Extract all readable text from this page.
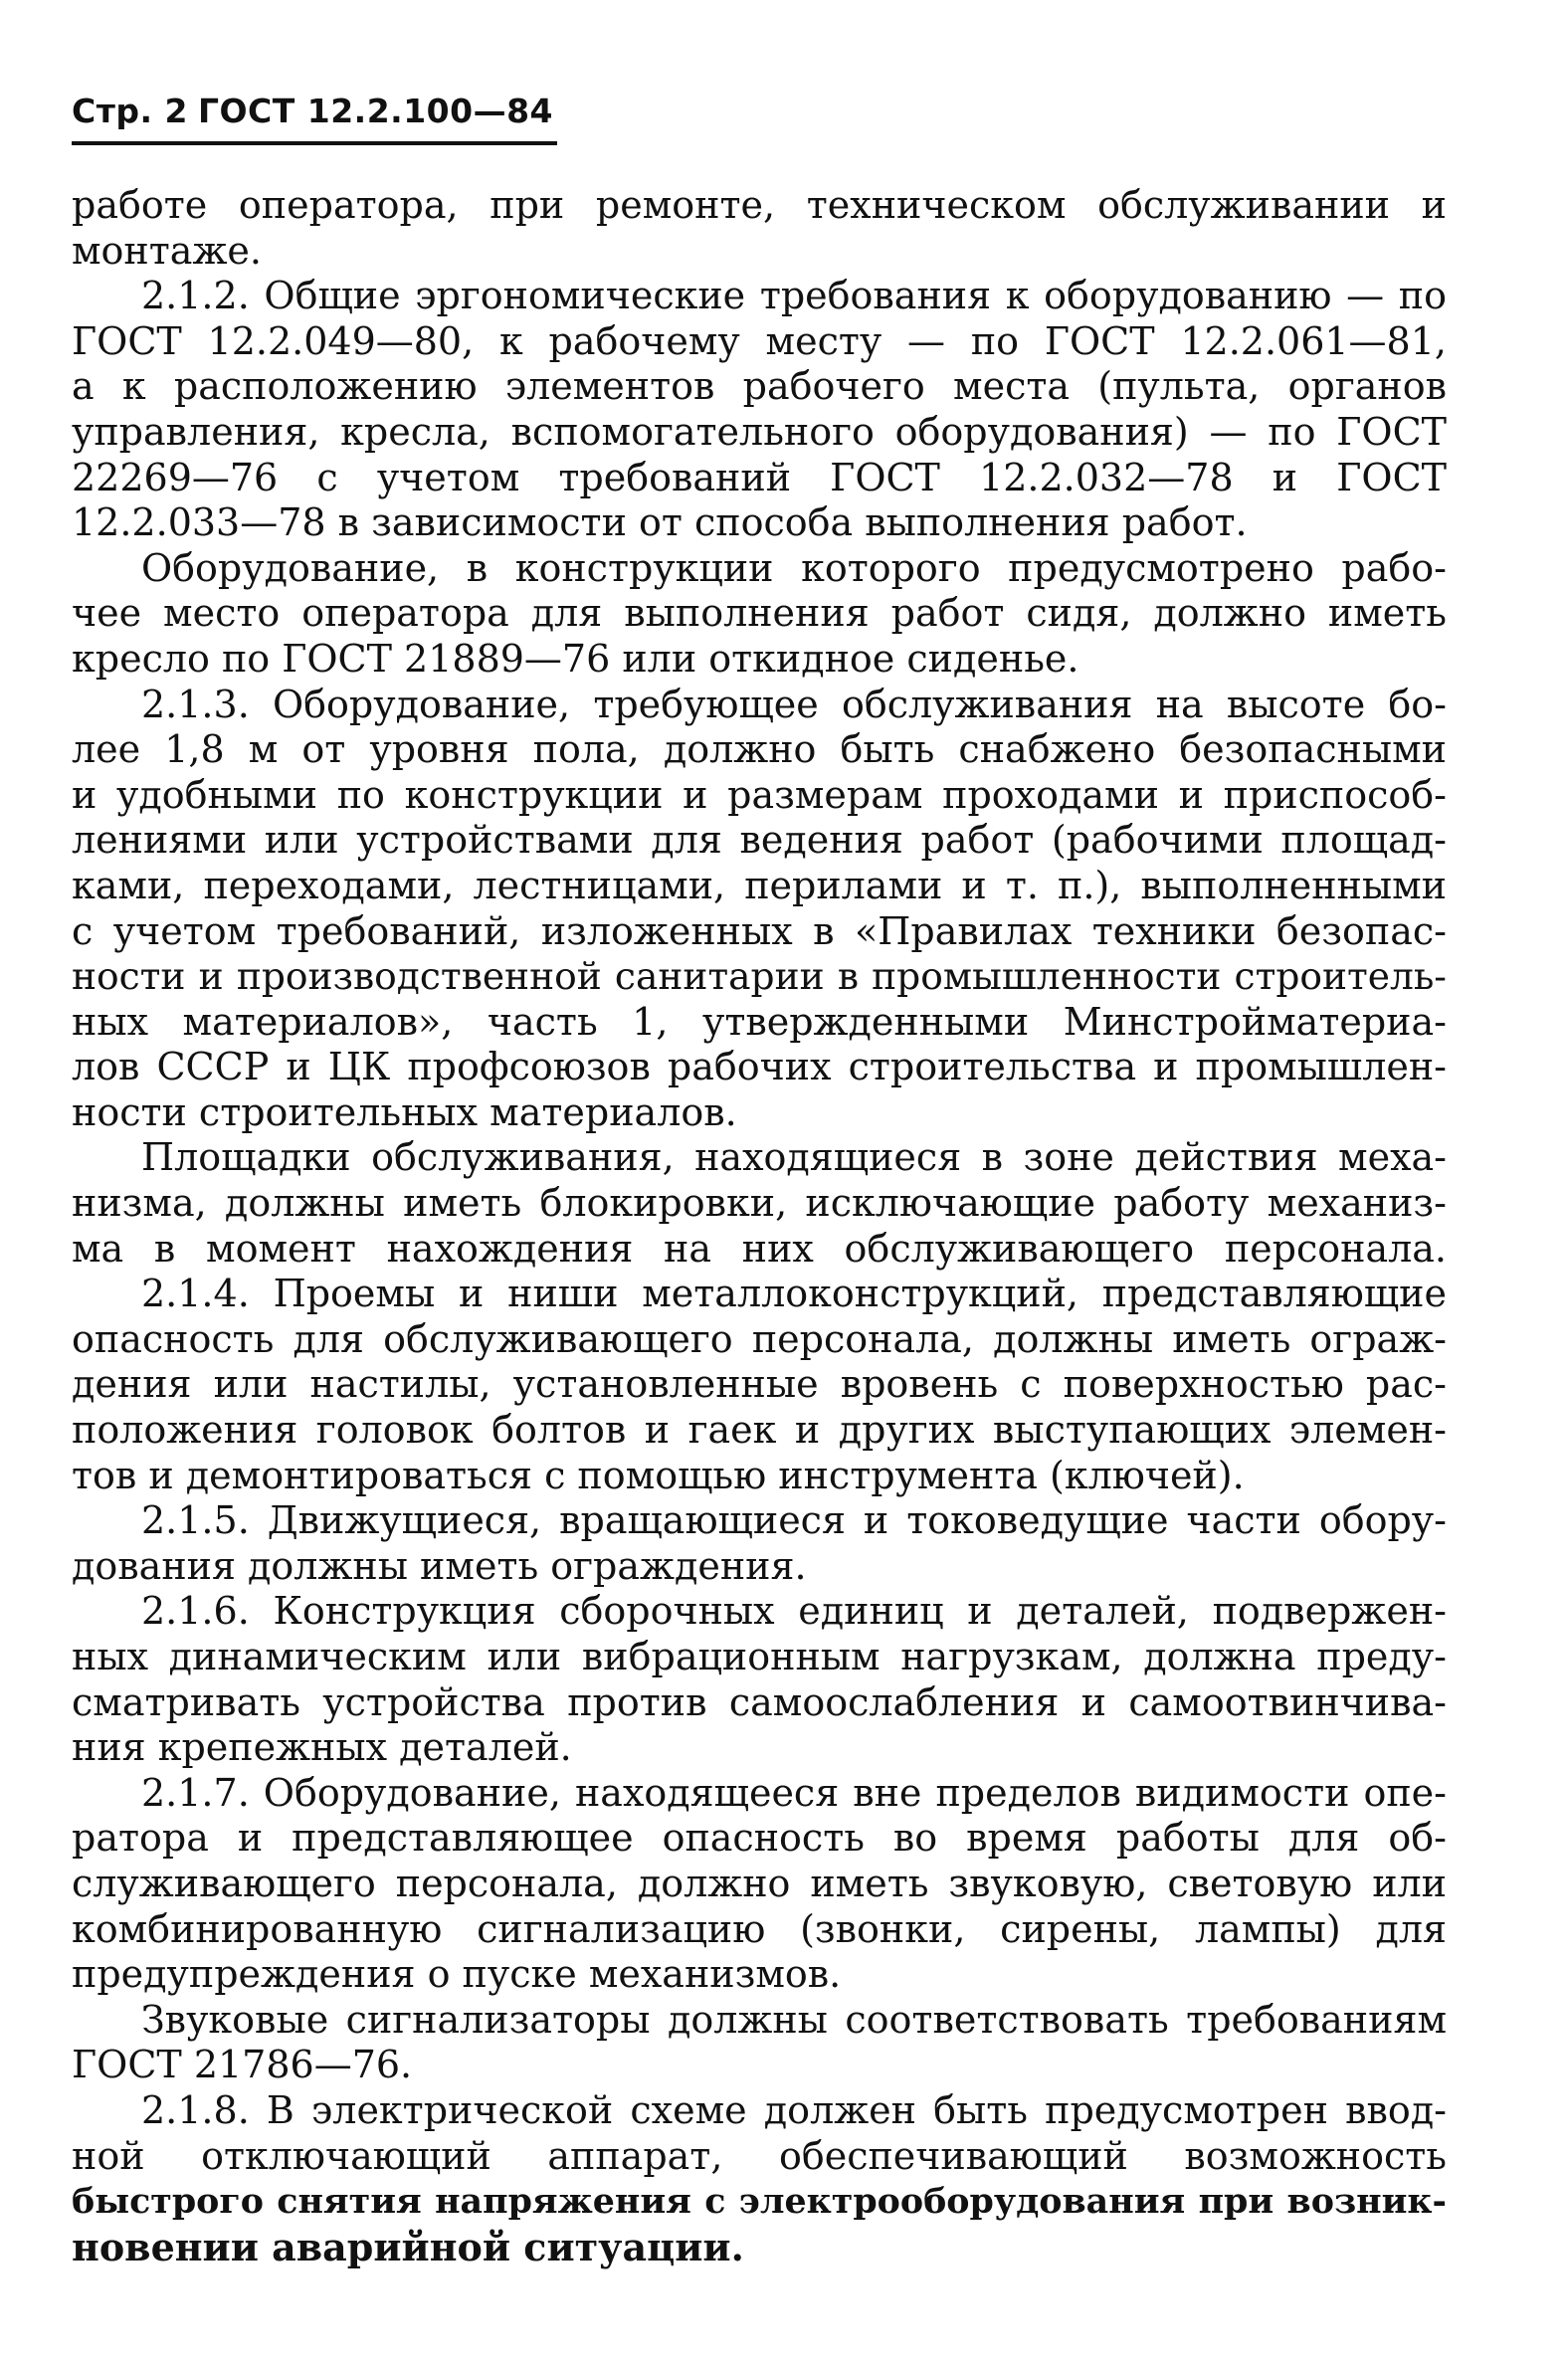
Стр. 2 ГОСТ 12.2.100—84
работе оператора, при ремонте, техническом обслуживании и
монтаже.
2.1.2. Общие эргономические требования к оборудованию — по
ГОСТ 12.2.049—80, к рабочему месту — по ГОСТ 12.2.061—81,
а к расположению элементов рабочего места (пульта, органов
управления, кресла, вспомогательного оборудования) — по ГОСТ
22269—76 с учетом требований ГОСТ 12.2.032—78 и ГОСТ
12.2.033—78 в зависимости от способа выполнения работ.
Оборудование, в конструкции которого предусмотрено рабо-
чее место оператора для выполнения работ сидя, должно иметь
кресло по ГОСТ 21889—76 или откидное сиденье.
2.1.3. Оборудование, требующее обслуживания на высоте бо-
лее 1,8 м от уровня пола, должно быть снабжено безопасными
и удобными по конструкции и размерам проходами и приспособ-
лениями или устройствами для ведения работ (рабочими площад-
ками, переходами, лестницами, перилами и т. п.), выполненными
с учетом требований, изложенных в «Правилах техники безопас-
ности и производственной санитарии в промышленности строитель-
ных материалов», часть 1, утвержденными Минстройматериа-
лов СССР и ЦК профсоюзов рабочих строительства и промышлен-
ности строительных материалов.
Площадки обслуживания, находящиеся в зоне действия меха-
низма, должны иметь блокировки, исключающие работу механиз-
ма в момент нахождения на них обслуживающего персонала.
2.1.4. Проемы и ниши металлоконструкций, представляющие
опасность для обслуживающего персонала, должны иметь ограж-
дения или настилы, установленные вровень с поверхностью рас-
положения головок болтов и гаек и других выступающих элемен-
тов и демонтироваться с помощью инструмента (ключей).
2.1.5. Движущиеся, вращающиеся и токоведущие части обору-
дования должны иметь ограждения.
2.1.6. Конструкция сборочных единиц и деталей, подвержен-
ных динамическим или вибрационным нагрузкам, должна преду-
сматривать устройства против самоослабления и самоотвинчива-
ния крепежных деталей.
2.1.7. Оборудование, находящееся вне пределов видимости опе-
ратора и представляющее опасность во время работы для об-
служивающего персонала, должно иметь звуковую, световую или
комбинированную сигнализацию (звонки, сирены, лампы) для
предупреждения о пуске механизмов.
Звуковые сигнализаторы должны соответствовать требованиям
ГОСТ 21786—76.
2.1.8. В электрической схеме должен быть предусмотрен ввод-
ной отключающий аппарат, обеспечивающий возможность
быстрого снятия напряжения с электрооборудования при возник-
новении аварийной ситуации.
